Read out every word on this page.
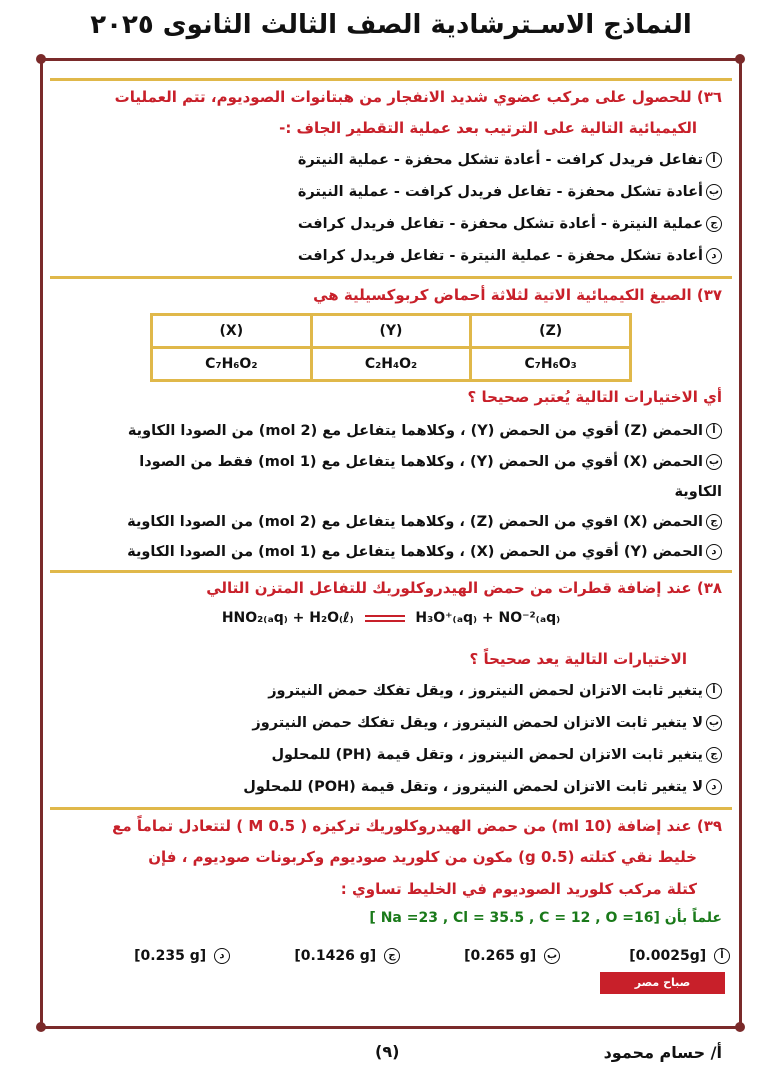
النماذج الاسـترشادية الصف الثالث الثانوى ٢٠٢٥
٣٦) للحصول على مركب عضوي شديد الانفجار من هبتانوات الصوديوم، تتم العمليات
الكيميائية التالية على الترتيب بعد عملية التقطير الجاف :-
أتفاعل فريدل كرافت - أعادة تشكل محفزة - عملية النيترة
بأعادة تشكل محفزة - تفاعل فريدل كرافت - عملية النيترة
جعملية النيترة - أعادة تشكل محفزة - تفاعل فريدل كرافت
دأعادة تشكل محفزة - عملية النيترة - تفاعل فريدل كرافت
٣٧) الصيغ الكيميائية الاتية لثلاثة أحماض كربوكسيلية هي
(X)	(Y)	(Z)
C₇H₆O₂	C₂H₄O₂	C₇H₆O₃
أي الاختيارات التالية يُعتبر صحيحا ؟
أالحمض (Z) أقوي من الحمض (Y) ، وكلاهما يتفاعل مع (2 mol) من الصودا الكاوية
بالحمض (X) أقوي من الحمض (Y) ، وكلاهما يتفاعل مع (1 mol) فقط من الصودا
الكاوية
جالحمض (X) اقوي من الحمض (Z) ، وكلاهما يتفاعل مع (2 mol) من الصودا الكاوية
دالحمض (Y) أقوي من الحمض (X) ، وكلاهما يتفاعل مع (1 mol) من الصودا الكاوية
٣٨) عند إضافة قطرات من حمض الهيدروكلوريك للتفاعل المتزن التالي
HNO₂₍ₐq₎ + H₂O₍ℓ₎	H₃O⁺₍ₐq₎ + NO⁻²₍ₐq₎
الاختيارات التالية يعد صحيحاً ؟
أيتغير ثابت الاتزان لحمض النيتروز ، ويقل تفكك حمض النيتروز
بلا يتغير ثابت الاتزان لحمض النيتروز ، ويقل تفكك حمض النيتروز
جيتغير ثابت الاتزان لحمض النيتروز ، وتقل قيمة (PH) للمحلول
دلا يتغير ثابت الاتزان لحمض النيتروز ، وتقل قيمة (POH) للمحلول
٣٩) عند إضافة (10 ml) من حمض الهيدروكلوريك تركيزه ( 0.5 M ) لتتعادل تماماً مع
خليط نقي كتلته (0.5 g) مكون من كلوريد صوديوم وكربونات صوديوم ، فإن
كتلة مركب كلوريد الصوديوم في الخليط تساوي :
علماً بأن [Na =23 , Cl = 35.5 , C = 12 , O =16 ]
[0.0025g] أ
[0.265 g] ب
[0.1426 g] ج
[0.235 g] د
صباح مصر
أ/ حسام محمود
(٩)
